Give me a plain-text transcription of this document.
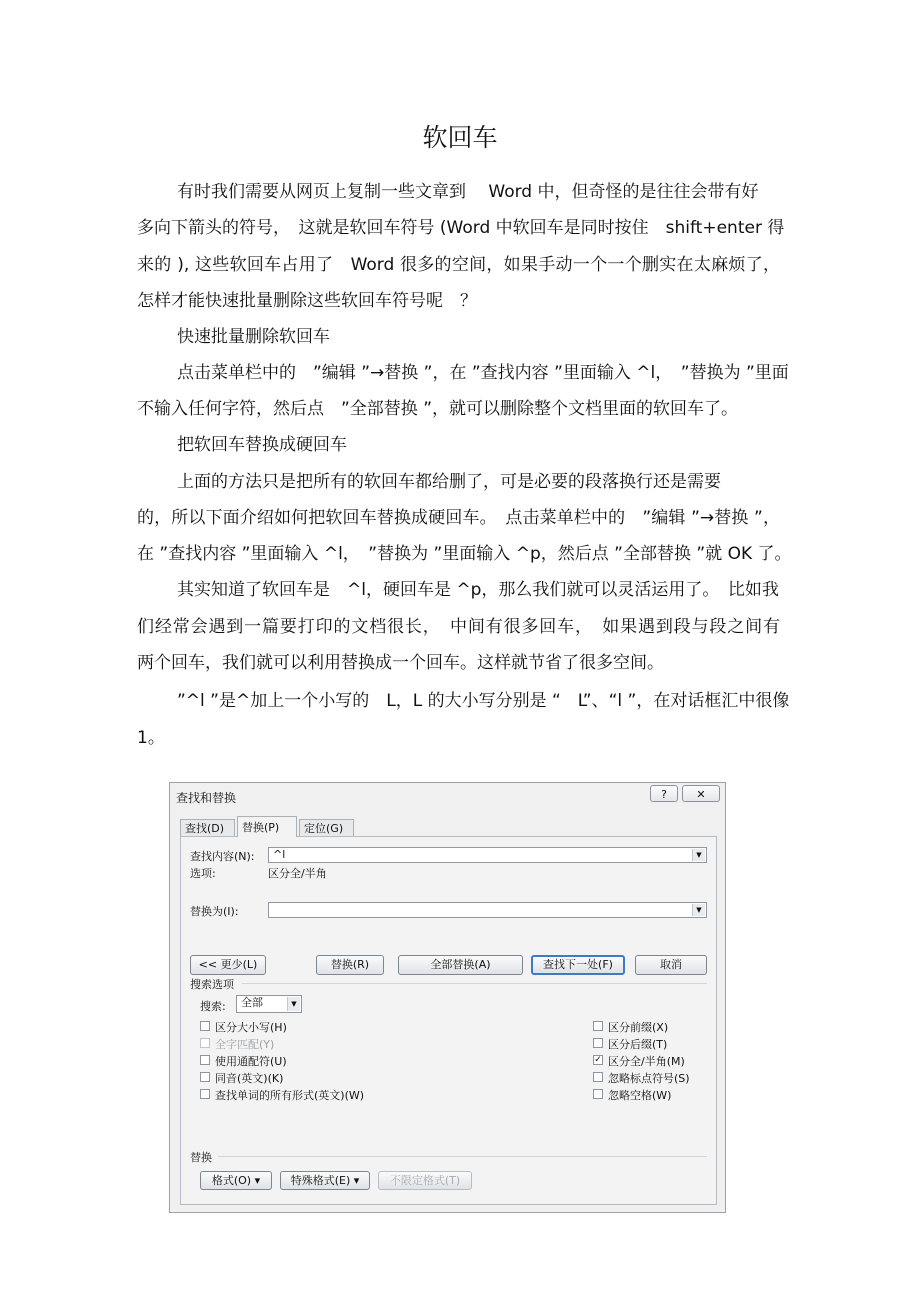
软回车
有时我们需要从网页上复制一些文章到　 Word 中，但奇怪的是往往会带有好
多向下箭头的符号，　这就是软回车符号 (Word 中软回车是同时按住　shift+enter 得
来的 ), 这些软回车占用了　Word 很多的空间，如果手动一个一个删实在太麻烦了，
怎样才能快速批量删除这些软回车符号呢　？
快速批量删除软回车
点击菜单栏中的　”编辑 ”→替换 ”，在 ”查找内容 ”里面输入 ^l，　”替换为 ”里面
不输入任何字符，然后点　”全部替换 ”，就可以删除整个文档里面的软回车了。
把软回车替换成硬回车
上面的方法只是把所有的软回车都给删了，可是必要的段落换行还是需要
的，所以下面介绍如何把软回车替换成硬回车。　点击菜单栏中的　”编辑 ”→替换 ”，
在 ”查找内容 ”里面输入 ^l，　”替换为 ”里面输入 ^p，然后点 ”全部替换 ”就 OK 了。
其实知道了软回车是　^l，硬回车是 ^p，那么我们就可以灵活运用了。　比如我
们经常会遇到一篇要打印的文档很长，　中间有很多回车，　如果遇到段与段之间有
两个回车，我们就可以利用替换成一个回车。这样就节省了很多空间。
”^l ”是^加上一个小写的　L，L 的大小写分别是 “　L”、“l ”，在对话框汇中很像
1。
查找和替换	?	✕
查找(D)	替换(P)	定位(G)
查找内容(N):	^l	▼
选项:	区分全/半角
替换为(I):	▼
<< 更少(L)	替换(R)	全部替换(A)	查找下一处(F)	取消
搜索选项
搜索:	全部	▼
区分大小写(H)
全字匹配(Y)
使用通配符(U)
同音(英文)(K)
查找单词的所有形式(英文)(W)
区分前缀(X)
区分后缀(T)
✓ 区分全/半角(M)
忽略标点符号(S)
忽略空格(W)
替换
格式(O) ▾	特殊格式(E) ▾	不限定格式(T)
